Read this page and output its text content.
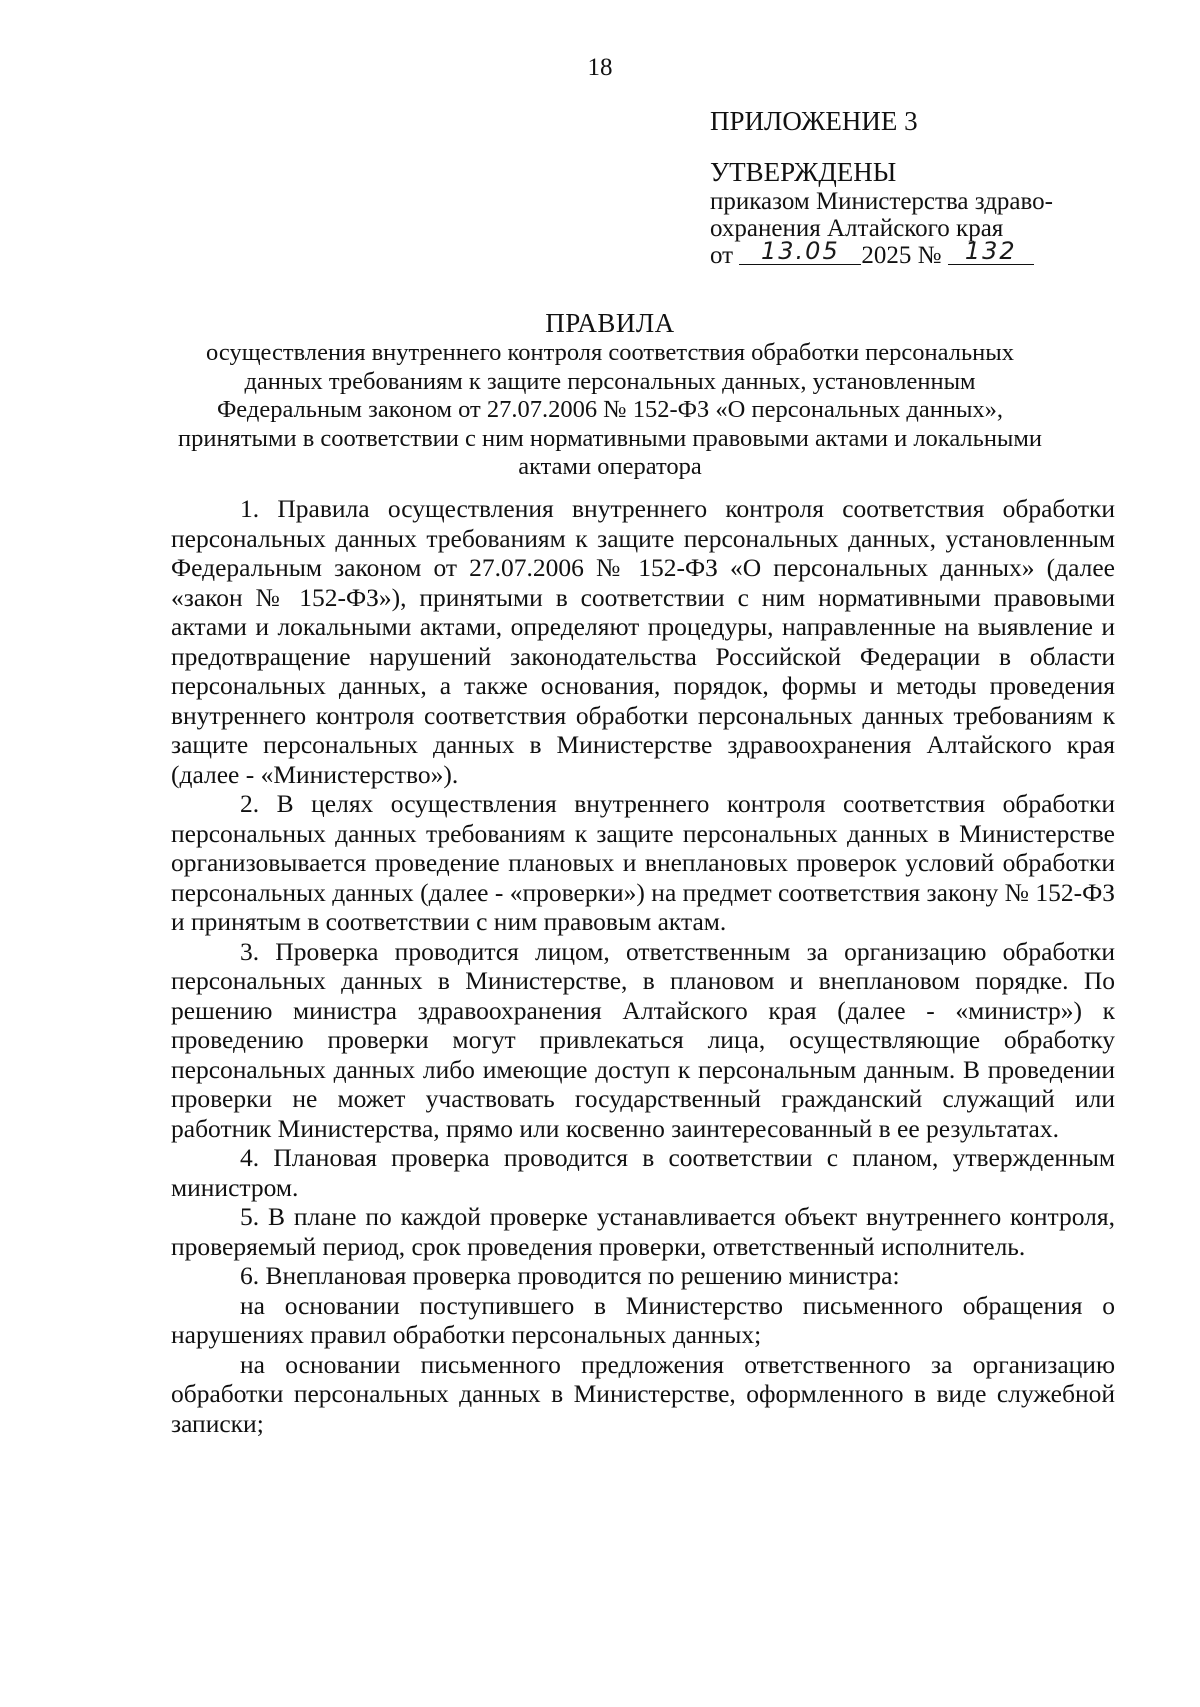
18
ПРИЛОЖЕНИЕ 3
УТВЕРЖДЕНЫ
приказом Министерства здраво-
охранения Алтайского края
от 13.05 2025 № 132
ПРАВИЛА
осуществления внутреннего контроля соответствия обработки персональных
данных требованиям к защите персональных данных, установленным
Федеральным законом от 27.07.2006 № 152-ФЗ «О персональных данных»,
принятыми в соответствии с ним нормативными правовыми актами и локальными
актами оператора

1. Правила осуществления внутреннего контроля соответствия обработки персональных данных требованиям к защите персональных данных, установленным Федеральным законом от 27.07.2006 № 152-ФЗ «О персональных данных» (далее «закон № 152-ФЗ»), принятыми в соответствии с ним нормативными правовыми актами и локальными актами, определяют процедуры, направленные на выявление и предотвращение нарушений законодательства Российской Федерации в области персональных данных, а также основания, порядок, формы и методы проведения внутреннего контроля соответствия обработки персональных данных требованиям к защите персональных данных в Министерстве здравоохранения Алтайского края (далее - «Министерство»).

2. В целях осуществления внутреннего контроля соответствия обработки персональных данных требованиям к защите персональных данных в Министерстве организовывается проведение плановых и внеплановых проверок условий обработки персональных данных (далее - «проверки») на предмет соответствия закону № 152-ФЗ и принятым в соответствии с ним правовым актам.

3. Проверка проводится лицом, ответственным за организацию обработки персональных данных в Министерстве, в плановом и внеплановом порядке. По решению министра здравоохранения Алтайского края (далее - «министр») к проведению проверки могут привлекаться лица, осуществляющие обработку персональных данных либо имеющие доступ к персональным данным. В проведении проверки не может участвовать государственный гражданский служащий или работник Министерства, прямо или косвенно заинтересованный в ее результатах.

4. Плановая проверка проводится в соответствии с планом, утвержденным министром.

5. В плане по каждой проверке устанавливается объект внутреннего контроля, проверяемый период, срок проведения проверки, ответственный исполнитель.

6. Внеплановая проверка проводится по решению министра:

на основании поступившего в Министерство письменного обращения о нарушениях правил обработки персональных данных;

на основании письменного предложения ответственного за организацию обработки персональных данных в Министерстве, оформленного в виде служебной записки;
